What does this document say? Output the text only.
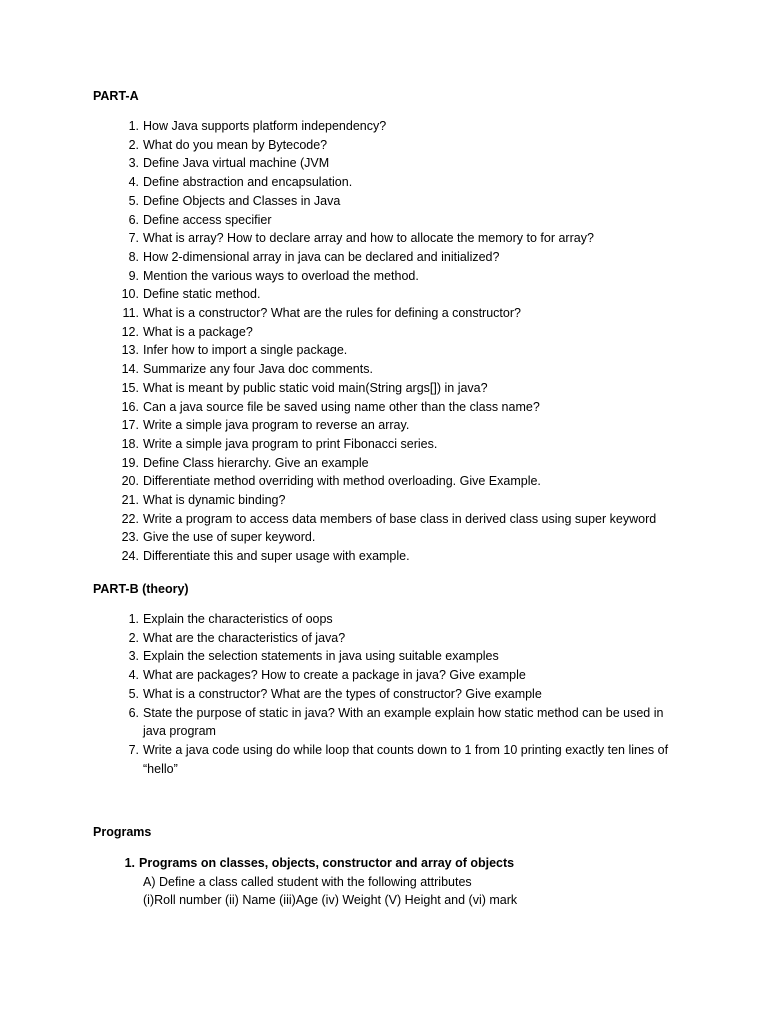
PART-A
1. How Java supports platform independency?
2. What do you mean by Bytecode?
3. Define Java virtual machine (JVM
4. Define abstraction and encapsulation.
5. Define Objects and Classes in Java
6. Define access specifier
7. What is array? How to declare array and how to allocate the memory to for array?
8. How 2-dimensional array in java can be declared and initialized?
9. Mention the various ways to overload the method.
10. Define static method.
11. What is a constructor? What are the rules for defining a constructor?
12. What is a package?
13. Infer how to import a single package.
14. Summarize any four Java doc comments.
15. What is meant by public static void main(String args[]) in java?
16. Can a java source file be saved using name other than the class name?
17. Write a simple java program to reverse an array.
18. Write a simple java program to print Fibonacci series.
19. Define Class hierarchy. Give an example
20. Differentiate method overriding with method overloading. Give Example.
21. What is dynamic binding?
22. Write a program to access data members of base class in derived class using super keyword
23. Give the use of super keyword.
24. Differentiate this and super usage with example.
PART-B (theory)
1. Explain the characteristics of oops
2. What are the characteristics of java?
3. Explain the selection statements in java using suitable examples
4. What are packages? How to create a package in java? Give example
5. What is a constructor? What are the types of constructor? Give example
6. State the purpose of static in java? With an example explain how static method can be used in java program
7. Write a java code using do while loop that counts down to 1 from 10 printing exactly ten lines of “hello”
Programs
1. Programs on classes, objects, constructor and array of objects
A) Define a class called student with the following attributes
(i)Roll number (ii) Name (iii)Age (iv) Weight (V) Height and (vi) mark
